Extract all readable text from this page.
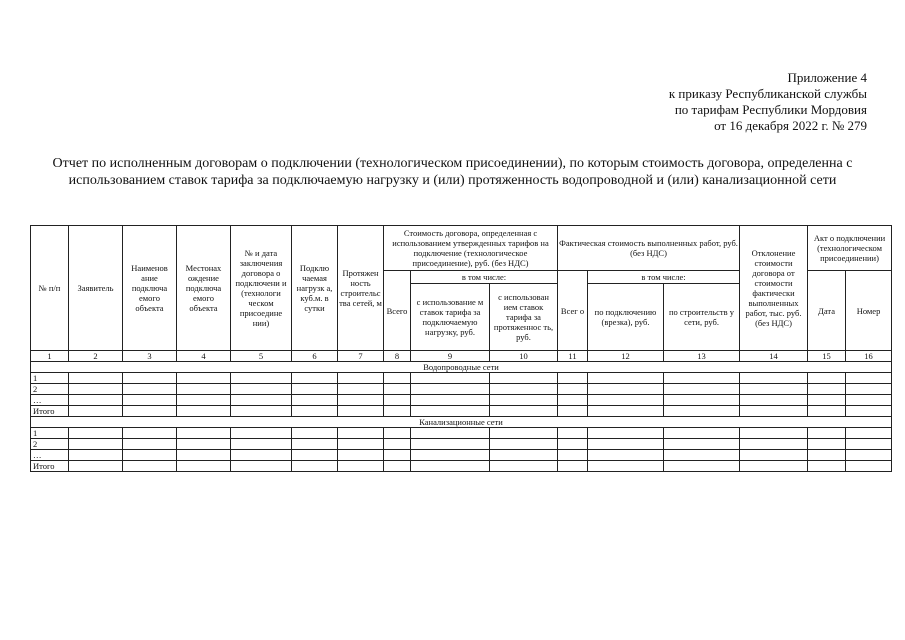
Приложение 4
к приказу Республиканской службы
по тарифам Республики Мордовия
от 16 декабря 2022 г. № 279
Отчет по исполненным договорам о подключении (технологическом присоединении), по которым стоимость договора, определенна с использованием ставок тарифа за подключаемую нагрузку и (или) протяженность водопроводной и (или) канализационной сети
№ п/п	Заявитель	Наименов ание подключа емого объекта	Местонах ождение подключа емого объекта	№ и дата заключения договора о подключени и (технологи ческом присоедине нии)	Подклю чаемая нагрузк а, куб.м. в сутки	Протяжен ность строительс тва сетей, м	Стоимость договора, определенная с использованием утвержденных тарифов на подключение (технологическое присоединение), руб. (без НДС)			Фактическая стоимость выполненных работ, руб. (без НДС)			Отклонение стоимости договора от стоимости фактически выполненных работ, тыс. руб. (без НДС)	Акт о подключении (технологическом присоединении)	
							Всего	в том числе:		Всег о	в том числе:			Дата	Номер
								с использование м ставок тарифа за подключаемую нагрузку, руб.	с использован ием ставок тарифа за протяженнос ть, руб.		по подключению (врезка), руб.	по строительств у сети, руб.			
1	2	3	4	5	6	7	8	9	10	11	12	13	14	15	16
Водопроводные сети															
1															
2															
…															
Итого															
Канализационные сети															
1															
2															
…															
Итого															
